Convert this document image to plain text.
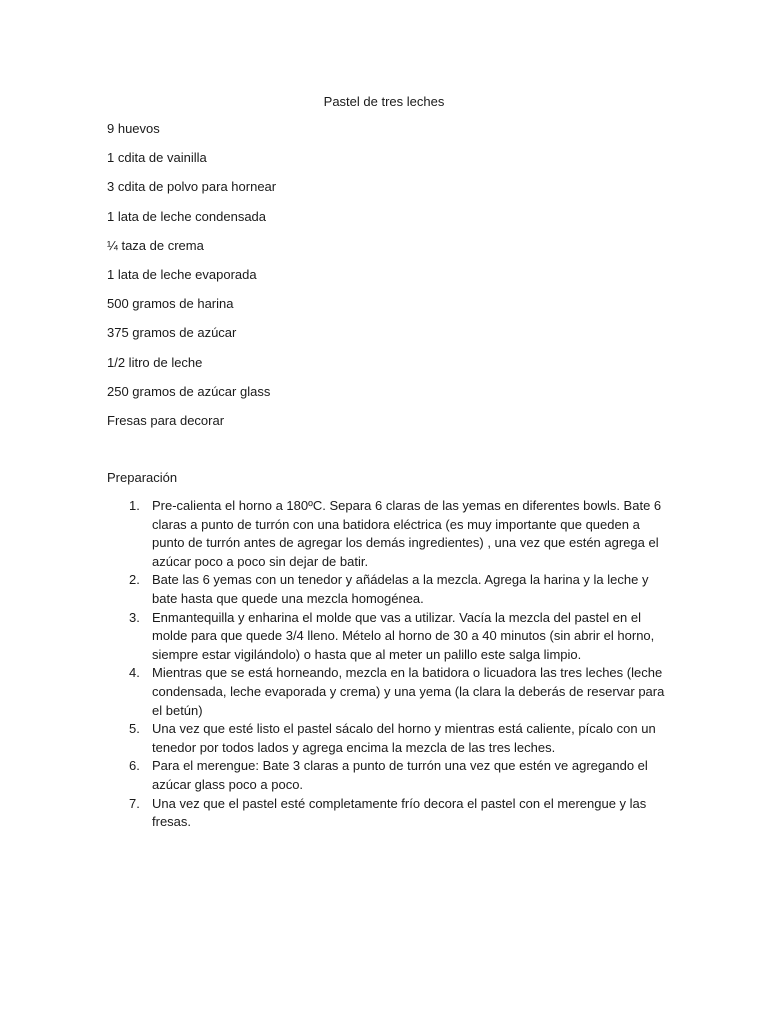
Pastel de tres leches
9 huevos
1 cdita de vainilla
3 cdita de polvo para hornear
1 lata de leche condensada
¼ taza de crema
1 lata de leche evaporada
500 gramos de harina
375 gramos de azúcar
1/2 litro de leche
250 gramos de azúcar glass
Fresas para decorar
Preparación
1. Pre-calienta el horno a 180ºC. Separa 6 claras de las yemas en diferentes bowls. Bate 6 claras a punto de turrón con una batidora eléctrica (es muy importante que queden a punto de turrón antes de agregar los demás ingredientes) , una vez que estén agrega el azúcar poco a poco sin dejar de batir.
2. Bate las 6 yemas con un tenedor y añádelas a la mezcla. Agrega la harina y la leche y bate hasta que quede una mezcla homogénea.
3. Enmantequilla y enharina el molde que vas a utilizar. Vacía la mezcla del pastel en el molde para que quede 3/4 lleno. Mételo al horno de 30 a 40 minutos (sin abrir el horno, siempre estar vigilándolo) o hasta que al meter un palillo este salga limpio.
4. Mientras que se está horneando, mezcla en la batidora o licuadora las tres leches (leche condensada, leche evaporada y crema) y una yema (la clara la deberás de reservar para el betún)
5. Una vez que esté listo el pastel sácalo del horno y mientras está caliente, pícalo con un tenedor por todos lados y agrega encima la mezcla de las tres leches.
6. Para el merengue: Bate 3 claras a punto de turrón una vez que estén ve agregando el azúcar glass poco a poco.
7. Una vez que el pastel esté completamente frío decora el pastel con el merengue y las fresas.
